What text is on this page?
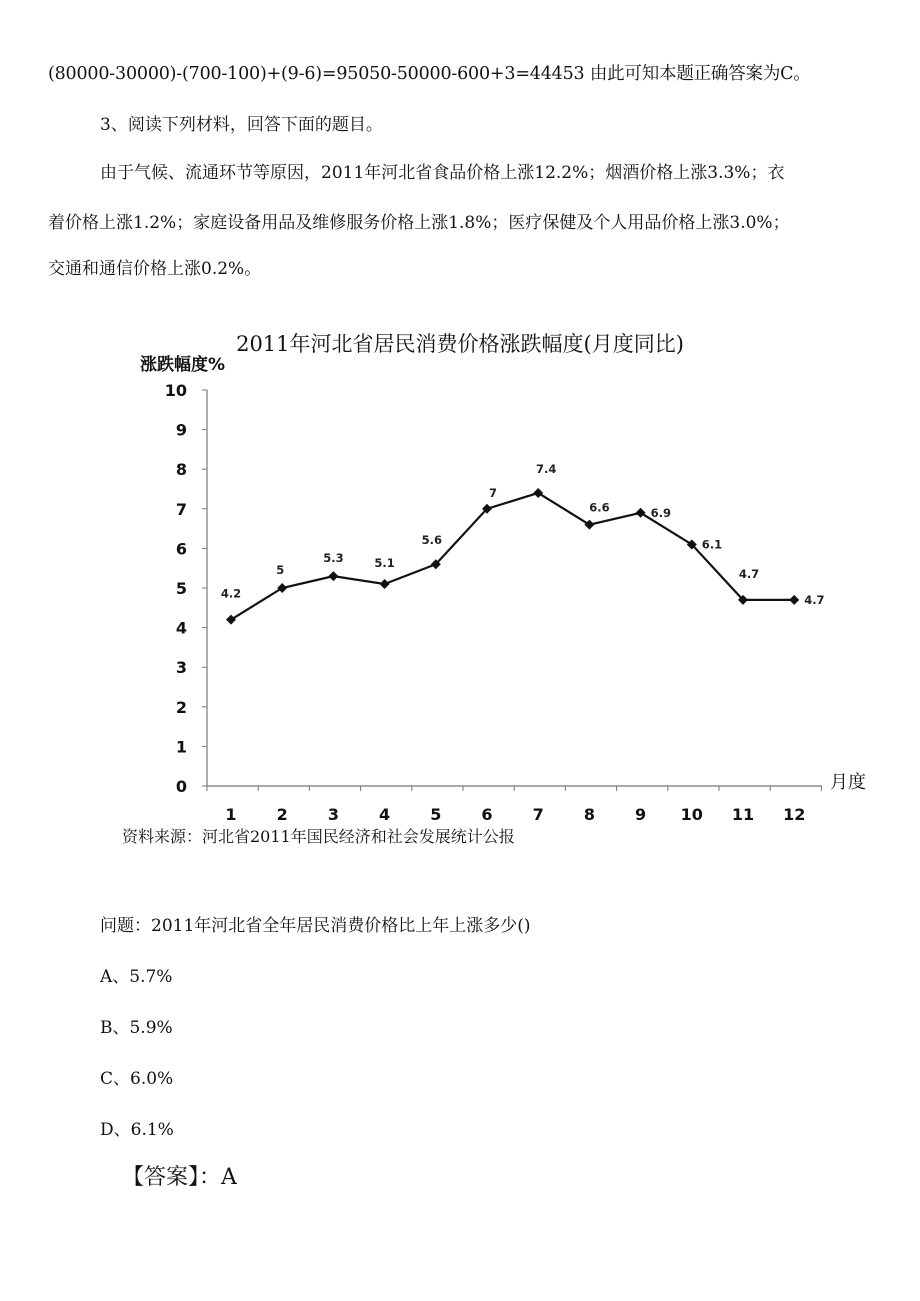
(80000-30000)-(700-100)+(9-6)=95050-50000-600+3=44453 由此可知本题正确答案为C。
3、阅读下列材料，回答下面的题目。
由于气候、流通环节等原因，2011年河北省食品价格上涨12.2%；烟酒价格上涨3.3%；衣
着价格上涨1.2%；家庭设备用品及维修服务价格上涨1.8%；医疗保健及个人用品价格上涨3.0%；
交通和通信价格上涨0.2%。
2011年河北省居民消费价格涨跌幅度(月度同比)
涨跌幅度%
月度
0
1
2
3
4
5
6
7
8
9
10
1	2	3	4	5	6	7	8	9 10 11 12
4.2
5
5.3	5.1
5.6
7
7.4
6.6	6.9
6.1
4.7
4.7
资料来源：河北省2011年国民经济和社会发展统计公报
问题：2011年河北省全年居民消费价格比上年上涨多少()
A、5.7%
B、5.9%
C、6.0%
D、6.1%
【答案】：A
